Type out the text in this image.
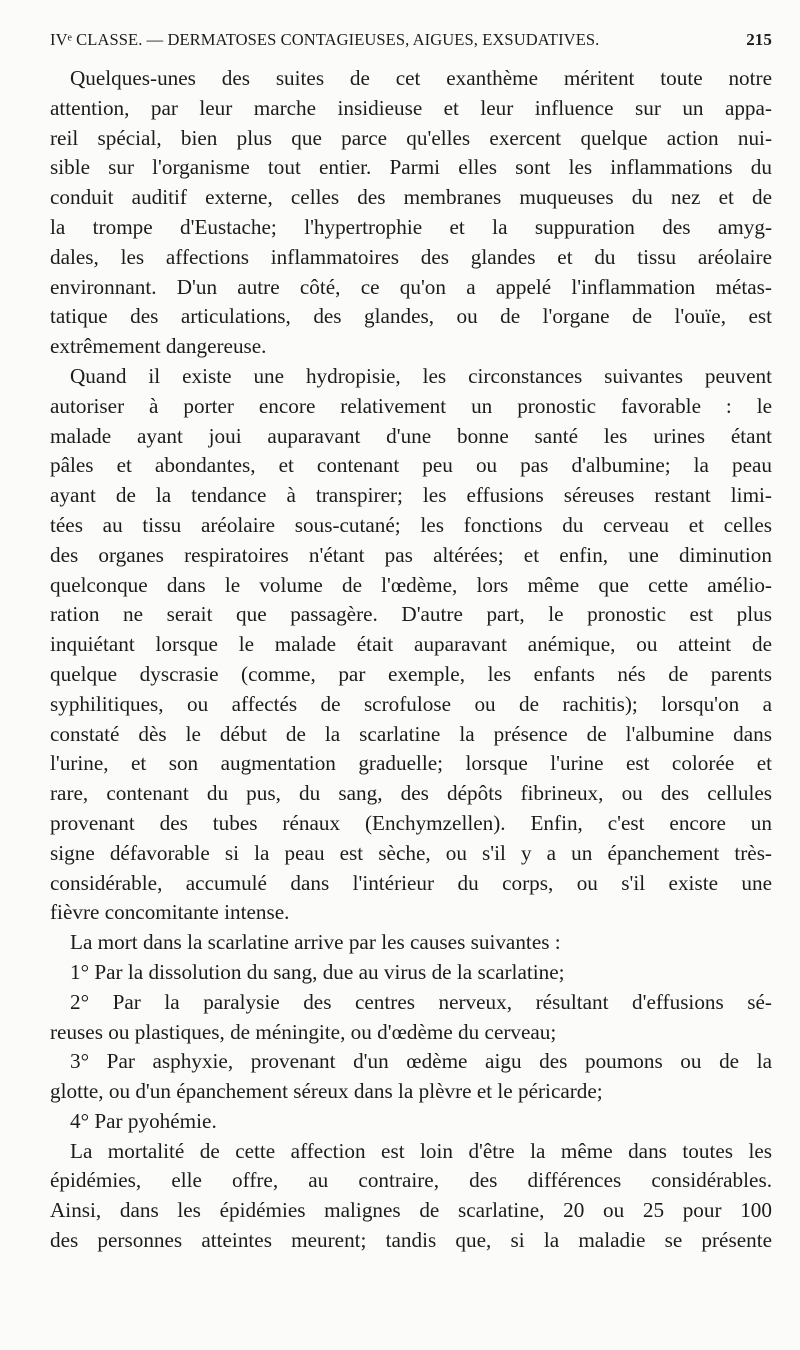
IVᵉ CLASSE. — DERMATOSES CONTAGIEUSES, AIGUES, EXSUDATIVES.	215
Quelques-unes des suites de cet exanthème méritent toute notre
attention, par leur marche insidieuse et leur influence sur un appa-
reil spécial, bien plus que parce qu'elles exercent quelque action nui-
sible sur l'organisme tout entier. Parmi elles sont les inflammations du
conduit auditif externe, celles des membranes muqueuses du nez et de
la trompe d'Eustache; l'hypertrophie et la suppuration des amyg-
dales, les affections inflammatoires des glandes et du tissu aréolaire
environnant. D'un autre côté, ce qu'on a appelé l'inflammation métas-
tatique des articulations, des glandes, ou de l'organe de l'ouïe, est
extrêmement dangereuse.
Quand il existe une hydropisie, les circonstances suivantes peuvent
autoriser à porter encore relativement un pronostic favorable : le
malade ayant joui auparavant d'une bonne santé les urines étant
pâles et abondantes, et contenant peu ou pas d'albumine; la peau
ayant de la tendance à transpirer; les effusions séreuses restant limi-
tées au tissu aréolaire sous-cutané; les fonctions du cerveau et celles
des organes respiratoires n'étant pas altérées; et enfin, une diminution
quelconque dans le volume de l'œdème, lors même que cette amélio-
ration ne serait que passagère. D'autre part, le pronostic est plus
inquiétant lorsque le malade était auparavant anémique, ou atteint de
quelque dyscrasie (comme, par exemple, les enfants nés de parents
syphilitiques, ou affectés de scrofulose ou de rachitis); lorsqu'on a
constaté dès le début de la scarlatine la présence de l'albumine dans
l'urine, et son augmentation graduelle; lorsque l'urine est colorée et
rare, contenant du pus, du sang, des dépôts fibrineux, ou des cellules
provenant des tubes rénaux (Enchymzellen). Enfin, c'est encore un
signe défavorable si la peau est sèche, ou s'il y a un épanchement très-
considérable, accumulé dans l'intérieur du corps, ou s'il existe une
fièvre concomitante intense.
La mort dans la scarlatine arrive par les causes suivantes :
1° Par la dissolution du sang, due au virus de la scarlatine;
2° Par la paralysie des centres nerveux, résultant d'effusions sé-
reuses ou plastiques, de méningite, ou d'œdème du cerveau;
3° Par asphyxie, provenant d'un œdème aigu des poumons ou de la
glotte, ou d'un épanchement séreux dans la plèvre et le péricarde;
4° Par pyohémie.
La mortalité de cette affection est loin d'être la même dans toutes les
épidémies, elle offre, au contraire, des différences considérables.
Ainsi, dans les épidémies malignes de scarlatine, 20 ou 25 pour 100
des personnes atteintes meurent; tandis que, si la maladie se présente
